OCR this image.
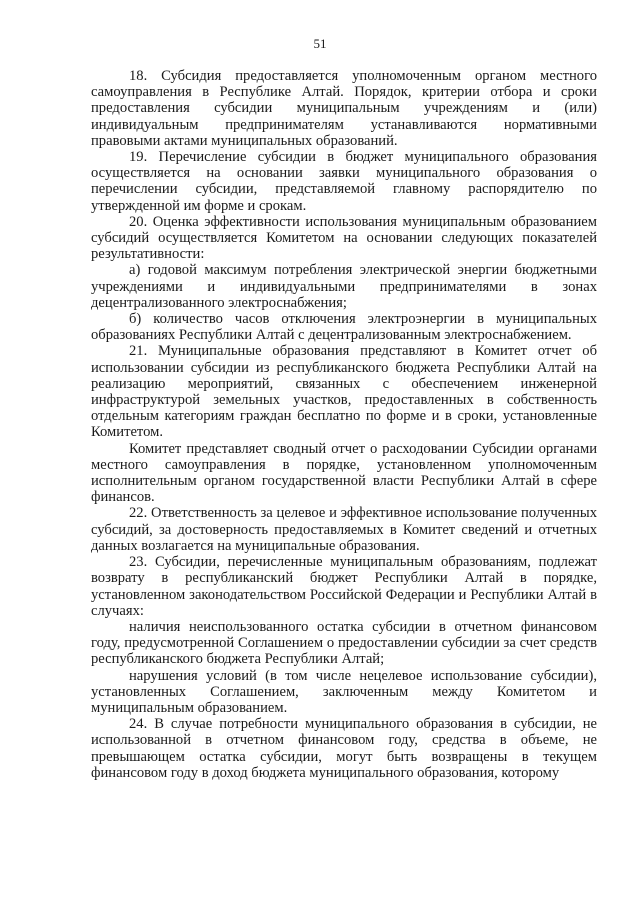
51

18. Субсидия предоставляется уполномоченным органом местного самоуправления в Республике Алтай. Порядок, критерии отбора и сроки предоставления субсидии муниципальным учреждениям и (или) индивидуальным предпринимателям устанавливаются нормативными правовыми актами муниципальных образований.

19. Перечисление субсидии в бюджет муниципального образования осуществляется на основании заявки муниципального образования о перечислении субсидии, представляемой главному распорядителю по утвержденной им форме и срокам.

20. Оценка эффективности использования муниципальным образованием субсидий осуществляется Комитетом на основании следующих показателей результативности:

а) годовой максимум потребления электрической энергии бюджетными учреждениями и индивидуальными предпринимателями в зонах децентрализованного электроснабжения;

б) количество часов отключения электроэнергии в муниципальных образованиях Республики Алтай с децентрализованным электроснабжением.

21. Муниципальные образования представляют в Комитет отчет об использовании субсидии из республиканского бюджета Республики Алтай на реализацию мероприятий, связанных с обеспечением инженерной инфраструктурой земельных участков, предоставленных в собственность отдельным категориям граждан бесплатно по форме и в сроки, установленные Комитетом.

Комитет представляет сводный отчет о расходовании Субсидии органами местного самоуправления в порядке, установленном уполномоченным исполнительным органом государственной власти Республики Алтай в сфере финансов.

22. Ответственность за целевое и эффективное использование полученных субсидий, за достоверность предоставляемых в Комитет сведений и отчетных данных возлагается на муниципальные образования.

23. Субсидии, перечисленные муниципальным образованиям, подлежат возврату в республиканский бюджет Республики Алтай в порядке, установленном законодательством Российской Федерации и Республики Алтай в случаях:

наличия неиспользованного остатка субсидии в отчетном финансовом году, предусмотренной Соглашением о предоставлении субсидии за счет средств республиканского бюджета Республики Алтай;

нарушения условий (в том числе нецелевое использование субсидии), установленных Соглашением, заключенным между Комитетом и муниципальным образованием.

24. В случае потребности муниципального образования в субсидии, не использованной в отчетном финансовом году, средства в объеме, не превышающем остатка субсидии, могут быть возвращены в текущем финансовом году в доход бюджета муниципального образования, которому
